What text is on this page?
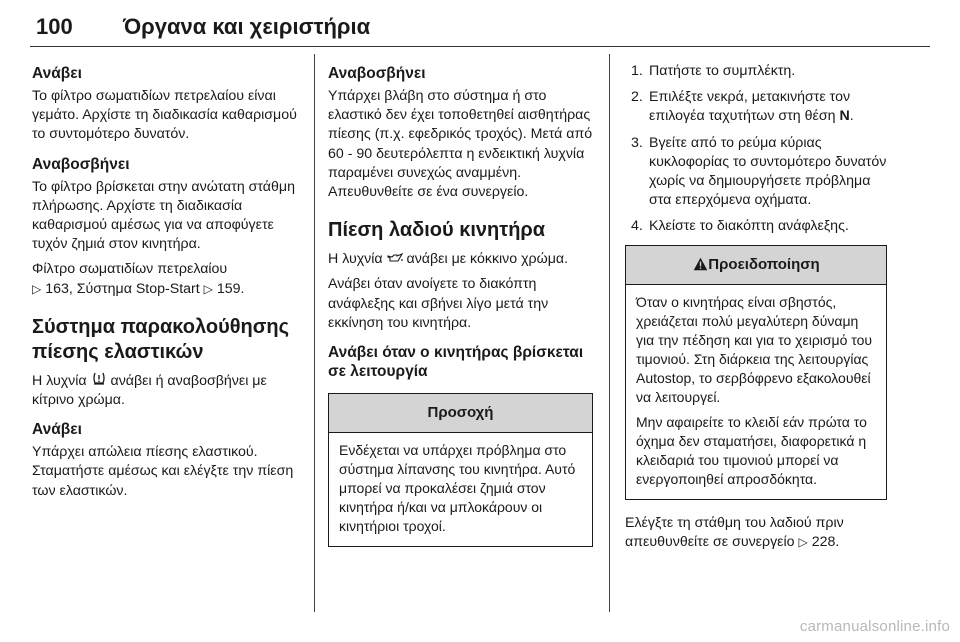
100 Όργανα και χειριστήρια
Ανάβει

Το φίλτρο σωματιδίων πετρελαίου είναι γεμάτο. Αρχίστε τη διαδικασία καθαρισμού το συντομότερο δυνατόν.

Αναβοσβήνει

Το φίλτρο βρίσκεται στην ανώτατη στάθμη πλήρωσης. Αρχίστε τη διαδικασία καθαρισμού αμέσως για να αποφύγετε τυχόν ζημιά στον κινητήρα.

Φίλτρο σωματιδίων πετρελαίου
▷ 163, Σύστημα Stop-Start ▷ 159.

Σύστημα παρακολούθησης πίεσης ελαστικών

Η λυχνία ανάβει ή αναβοσβήνει με κίτρινο χρώμα.

Ανάβει

Υπάρχει απώλεια πίεσης ελαστικού. Σταματήστε αμέσως και ελέγξτε την πίεση των ελαστικών.

Αναβοσβήνει

Υπάρχει βλάβη στο σύστημα ή στο ελαστικό δεν έχει τοποθετηθεί αισθητήρας πίεσης (π.χ. εφεδρικός τροχός). Μετά από 60 - 90 δευτερόλεπτα η ενδεικτική λυχνία παραμένει συνεχώς αναμμένη. Απευθυνθείτε σε ένα συνεργείο.

Πίεση λαδιού κινητήρα

Η λυχνία ανάβει με κόκκινο χρώμα.

Ανάβει όταν ανοίγετε το διακόπτη ανάφλεξης και σβήνει λίγο μετά την εκκίνηση του κινητήρα.

Ανάβει όταν ο κινητήρας βρίσκεται σε λειτουργία
Προσοχή

Ενδέχεται να υπάρχει πρόβλημα στο σύστημα λίπανσης του κινητήρα. Αυτό μπορεί να προκαλέσει ζημιά στον κινητήρα ή/και να μπλοκάρουν οι κινητήριοι τροχοί.

1. Πατήστε το συμπλέκτη.
2. Επιλέξτε νεκρά, μετακινήστε τον επιλογέα ταχυτήτων στη θέση N.
3. Βγείτε από το ρεύμα κύριας κυκλοφορίας το συντομότερο δυνατόν χωρίς να δημιουργήσετε πρόβλημα στα επερχόμενα οχήματα.
4. Κλείστε το διακόπτη ανάφλεξης.
Προειδοποίηση

Όταν ο κινητήρας είναι σβηστός, χρειάζεται πολύ μεγαλύτερη δύναμη για την πέδηση και για το χειρισμό του τιμονιού. Στη διάρκεια της λειτουργίας Autostop, το σερβόφρενο εξακολουθεί να λειτουργεί.

Μην αφαιρείτε το κλειδί εάν πρώτα το όχημα δεν σταματήσει, διαφορετικά η κλειδαριά του τιμονιού μπορεί να ενεργοποιηθεί απροσδόκητα.

Ελέγξτε τη στάθμη του λαδιού πριν απευθυνθείτε σε συνεργείο ▷ 228.

carmanualsonline.info
